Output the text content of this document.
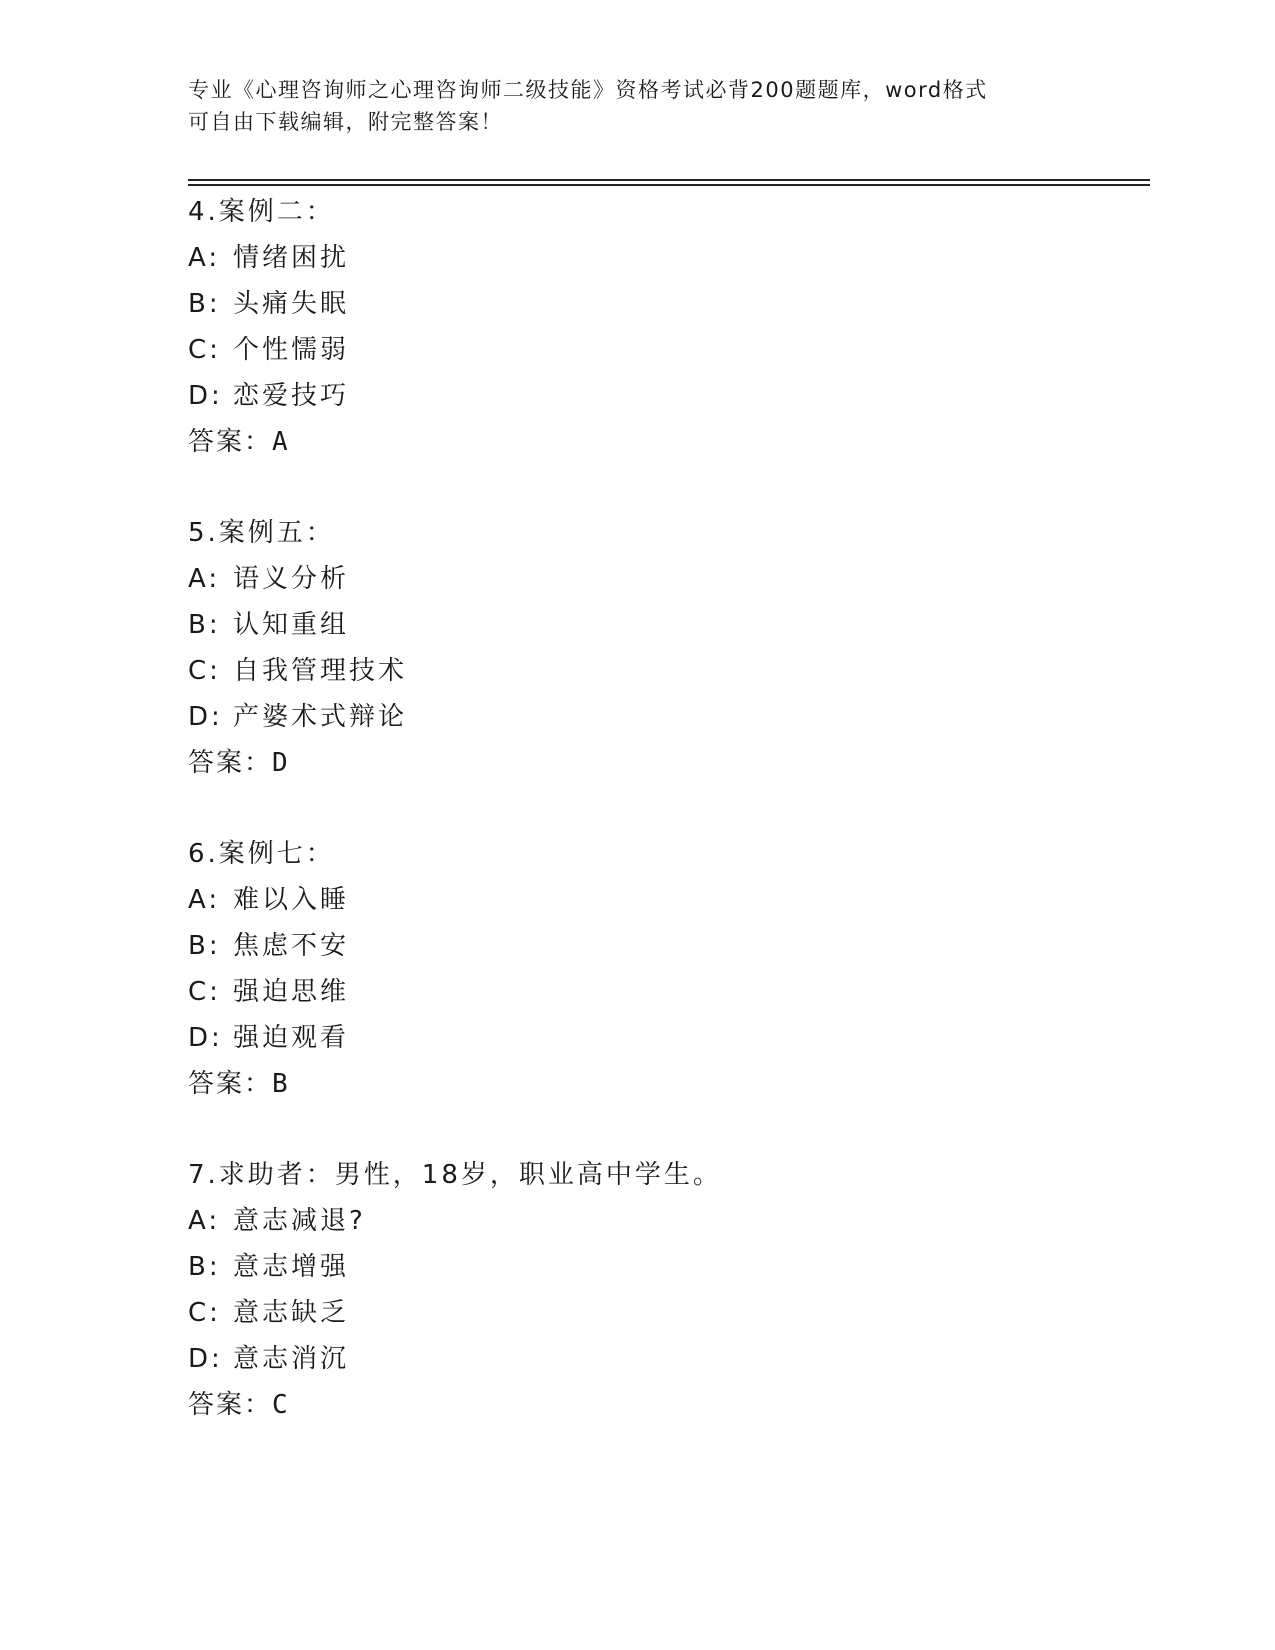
专业《心理咨询师之心理咨询师二级技能》资格考试必背200题题库，word格式
可自由下载编辑，附完整答案！
4.案例二：
A: 情绪困扰
B: 头痛失眠
C: 个性懦弱
D: 恋爱技巧
答案：A
5.案例五：
A: 语义分析
B: 认知重组
C: 自我管理技术
D: 产婆术式辩论
答案：D
6.案例七：
A: 难以入睡
B: 焦虑不安
C: 强迫思维
D: 强迫观看
答案：B
7.求助者：男性，18岁，职业高中学生。
A: 意志减退?
B: 意志增强
C: 意志缺乏
D: 意志消沉
答案：C
